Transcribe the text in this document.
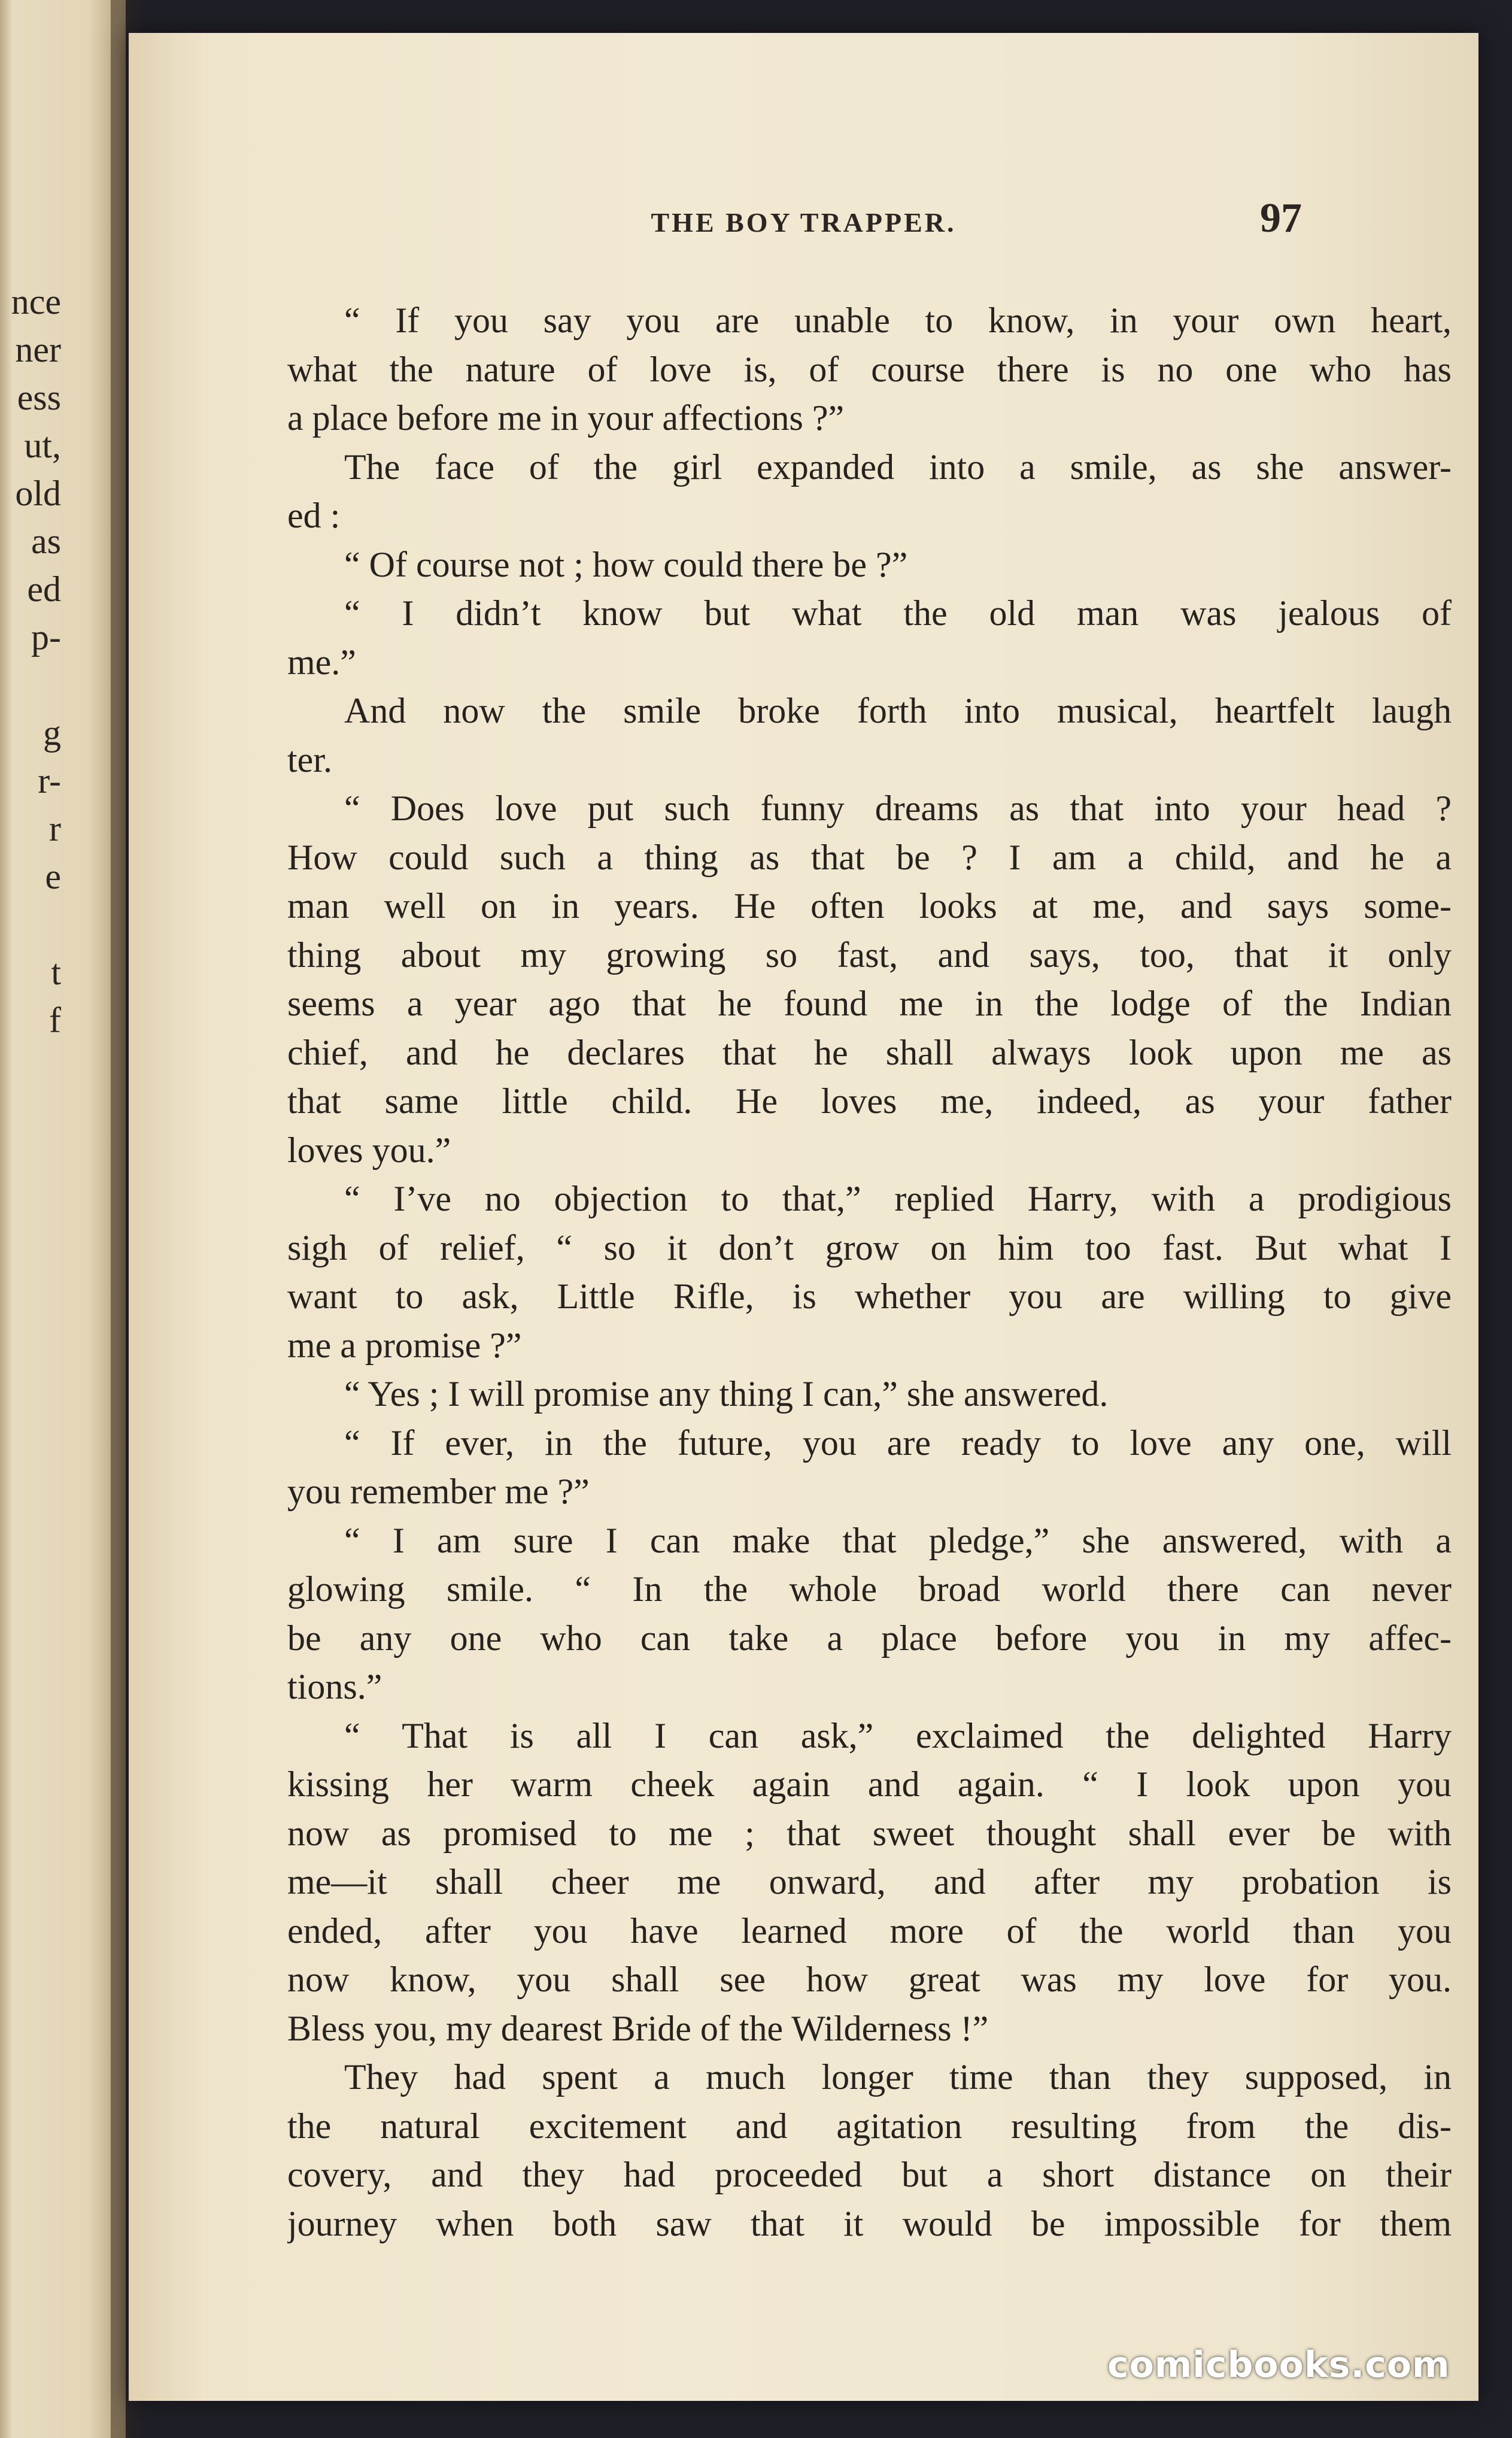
nce
ner
ess
ut,
old
as
ed
p-
g
r-
r
e
t
f
THE BOY TRAPPER.	97
“ If you say you are unable to know, in your own heart,
what the nature of love is, of course there is no one who has
a place before me in your affections ?”
The face of the girl expanded into a smile, as she answer-
ed :
“ Of course not ; how could there be ?”
“ I didn’t know but what the old man was jealous of
me.”
And now the smile broke forth into musical, heartfelt laugh
ter.
“ Does love put such funny dreams as that into your head ?
How could such a thing as that be ? I am a child, and he a
man well on in years. He often looks at me, and says some-
thing about my growing so fast, and says, too, that it only
seems a year ago that he found me in the lodge of the Indian
chief, and he declares that he shall always look upon me as
that same little child. He loves me, indeed, as your father
loves you.”
“ I’ve no objection to that,” replied Harry, with a prodigious
sigh of relief, “ so it don’t grow on him too fast. But what I
want to ask, Little Rifle, is whether you are willing to give
me a promise ?”
“ Yes ; I will promise any thing I can,” she answered.
“ If ever, in the future, you are ready to love any one, will
you remember me ?”
“ I am sure I can make that pledge,” she answered, with a
glowing smile. “ In the whole broad world there can never
be any one who can take a place before you in my affec-
tions.”
“ That is all I can ask,” exclaimed the delighted Harry
kissing her warm cheek again and again. “ I look upon you
now as promised to me ; that sweet thought shall ever be with
me—it shall cheer me onward, and after my probation is
ended, after you have learned more of the world than you
now know, you shall see how great was my love for you.
Bless you, my dearest Bride of the Wilderness !”
They had spent a much longer time than they supposed, in
the natural excitement and agitation resulting from the dis-
covery, and they had proceeded but a short distance on their
journey when both saw that it would be impossible for them
comicbooks.com
